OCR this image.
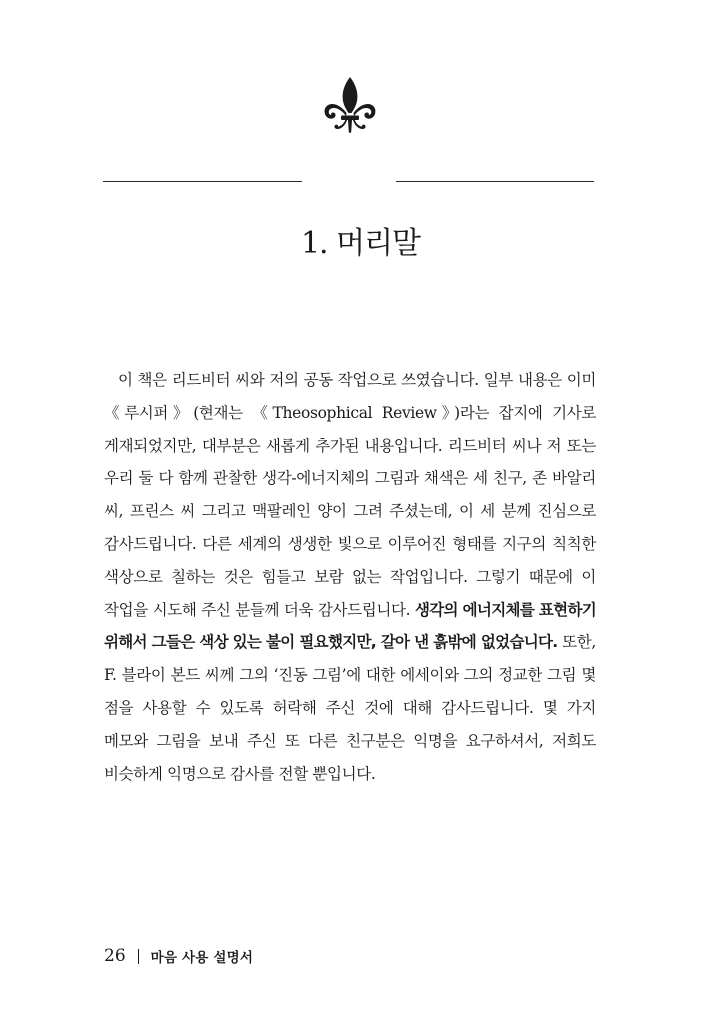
1. 머리말

이 책은 리드비터 씨와 저의 공동 작업으로 쓰였습니다. 일부 내용은 이미 《루시퍼》(현재는 《Theosophical Review》)라는 잡지에 기사로 게재되었지만, 대부분은 새롭게 추가된 내용입니다. 리드비터 씨나 저 또는 우리 둘 다 함께 관찰한 생각-에너지체의 그림과 채색은 세 친구, 존 바알리 씨, 프린스 씨 그리고 맥팔레인 양이 그려 주셨는데, 이 세 분께 진심으로 감사드립니다. 다른 세계의 생생한 빛으로 이루어진 형태를 지구의 칙칙한 색상으로 칠하는 것은 힘들고 보람 없는 작업입니다. 그렇기 때문에 이 작업을 시도해 주신 분들께 더욱 감사드립니다. 생각의 에너지체를 표현하기 위해서 그들은 색상 있는 불이 필요했지만, 갈아 낸 흙밖에 없었습니다. 또한, F. 블라이 본드 씨께 그의 ‘진동 그림’에 대한 에세이와 그의 정교한 그림 몇 점을 사용할 수 있도록 허락해 주신 것에 대해 감사드립니다. 몇 가지 메모와 그림을 보내 주신 또 다른 친구분은 익명을 요구하셔서, 저희도 비슷하게 익명으로 감사를 전할 뿐입니다.

26 마음 사용 설명서
